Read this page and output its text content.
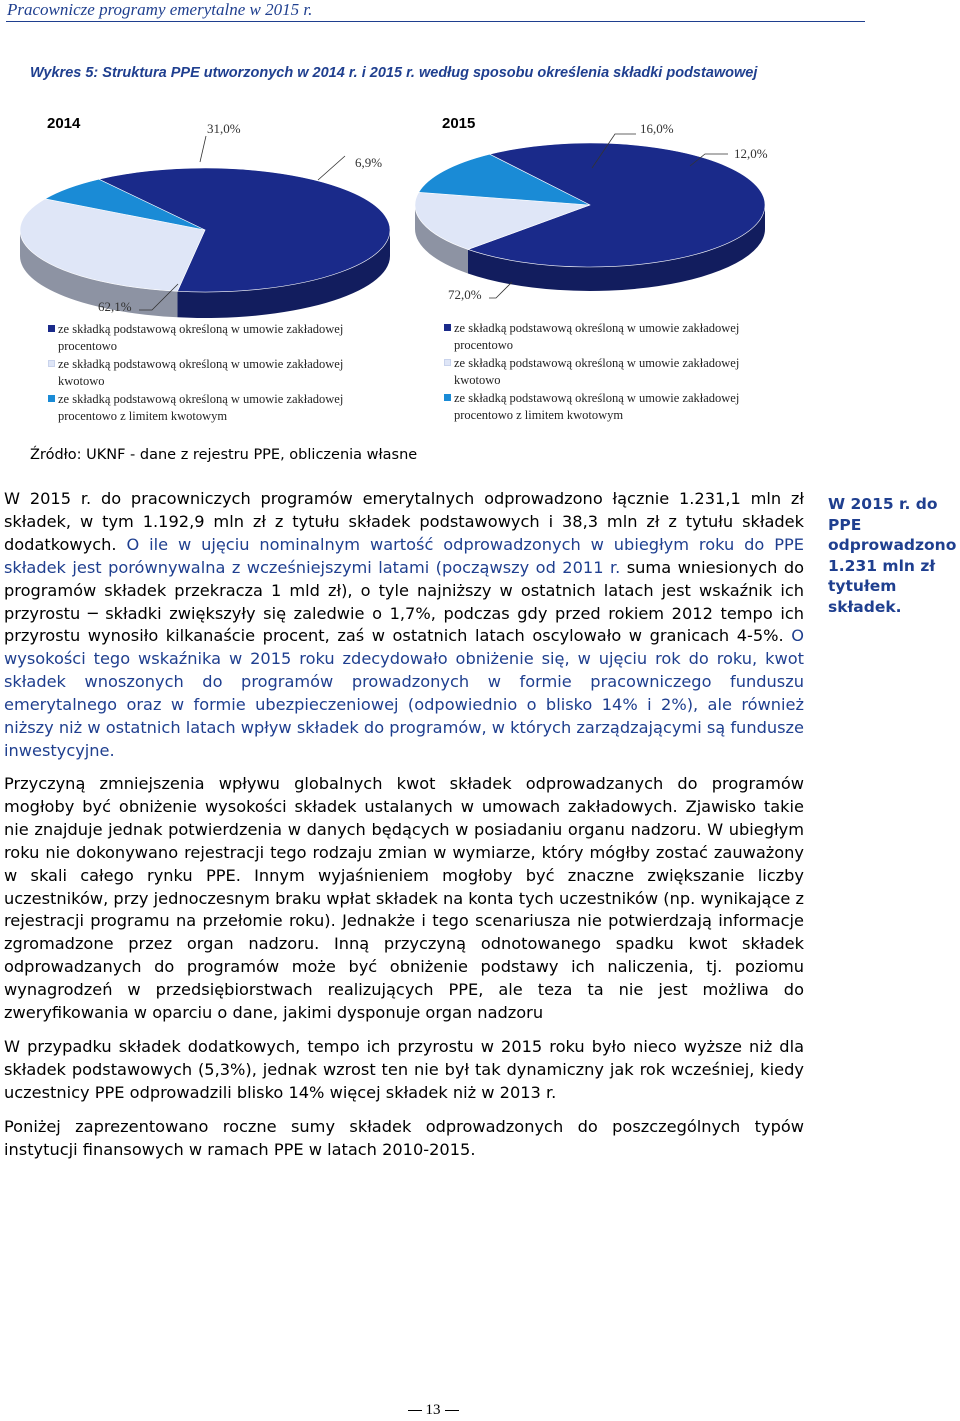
Pracownicze programy emerytalne w 2015 r.
Wykres 5: Struktura PPE utworzonych w 2014 r. i 2015 r. według sposobu określenia składki podstawowej
2014	2015
31,0%
6,9%
16,0%
12,0%
62,1%
72,0%
ze składką podstawową określoną w umowie zakładowej procentowo
ze składką podstawową określoną w umowie zakładowej kwotowo
ze składką podstawową określoną w umowie zakładowej procentowo z limitem kwotowym
ze składką podstawową określoną w umowie zakładowej procentowo
ze składką podstawową określoną w umowie zakładowej kwotowo
ze składką podstawową określoną w umowie zakładowej procentowo z limitem kwotowym
Źródło: UKNF - dane z rejestru PPE, obliczenia własne

W 2015 r. do pracowniczych programów emerytalnych odprowadzono łącznie 1.231,1 mln zł składek, w tym 1.192,9 mln zł z tytułu składek podstawowych i 38,3 mln zł z tytułu składek dodatkowych. O ile w ujęciu nominalnym wartość odprowadzonych w ubiegłym roku do PPE składek jest porównywalna z wcześniejszymi latami (począwszy od 2011 r. suma wniesionych do programów składek przekracza 1 mld zł), o tyle najniższy w ostatnich latach jest wskaźnik ich przyrostu ─ składki zwiększyły się zaledwie o 1,7%, podczas gdy przed rokiem 2012 tempo ich przyrostu wynosiło kilkanaście procent, zaś w ostatnich latach oscylowało w granicach 4-5%. O wysokości tego wskaźnika w 2015 roku zdecydowało obniżenie się, w ujęciu rok do roku, kwot składek wnoszonych do programów prowadzonych w formie pracowniczego funduszu emerytalnego oraz w formie ubezpieczeniowej (odpowiednio o blisko 14% i 2%), ale również niższy niż w ostatnich latach wpływ składek do programów, w których zarządzającymi są fundusze inwestycyjne.

Przyczyną zmniejszenia wpływu globalnych kwot składek odprowadzanych do programów mogłoby być obniżenie wysokości składek ustalanych w umowach zakładowych. Zjawisko takie nie znajduje jednak potwierdzenia w danych będących w posiadaniu organu nadzoru. W ubiegłym roku nie dokonywano rejestracji tego rodzaju zmian w wymiarze, który mógłby zostać zauważony w skali całego rynku PPE. Innym wyjaśnieniem mogłoby być znaczne zwiększanie liczby uczestników, przy jednoczesnym braku wpłat składek na konta tych uczestników (np. wynikające z rejestracji programu na przełomie roku). Jednakże i tego scenariusza nie potwierdzają informacje zgromadzone przez organ nadzoru. Inną przyczyną odnotowanego spadku kwot składek odprowadzanych do programów może być obniżenie podstawy ich naliczenia, tj. poziomu wynagrodzeń w przedsiębiorstwach realizujących PPE, ale teza ta nie jest możliwa do zweryfikowania w oparciu o dane, jakimi dysponuje organ nadzoru

W przypadku składek dodatkowych, tempo ich przyrostu w 2015 roku było nieco wyższe niż dla składek podstawowych (5,3%), jednak wzrost ten nie był tak dynamiczny jak rok wcześniej, kiedy uczestnicy PPE odprowadzili blisko 14% więcej składek niż w 2013 r.

Poniżej zaprezentowano roczne sumy składek odprowadzonych do poszczególnych typów instytucji finansowych w ramach PPE w latach 2010-2015.

W 2015 r. do PPE odprowadzono 1.231 mln zł tytułem składek.
13
